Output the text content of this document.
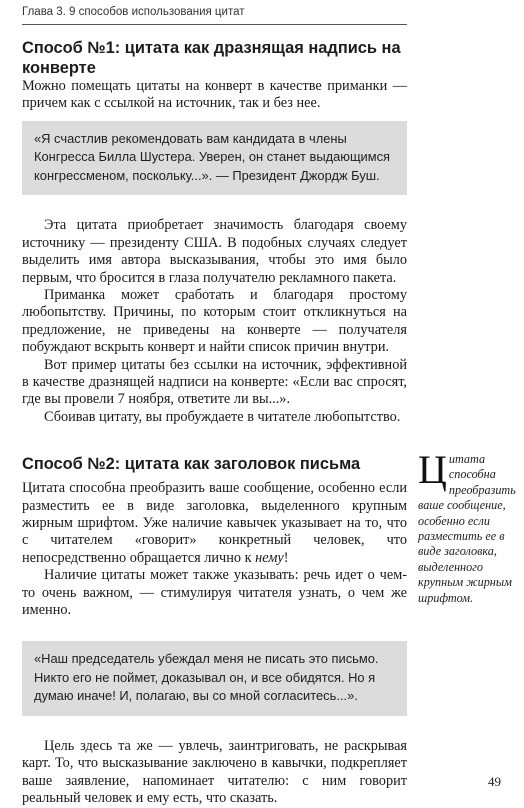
Глава 3. 9 способов использования цитат
Способ №1: цитата как дразнящая надпись на конверте

Можно помещать цитаты на конверт в качестве приманки — причем как с ссылкой на источник, так и без нее.

«Я счастлив рекомендовать вам кандидата в члены Конгресса Билла Шустера. Уверен, он станет выдающимся конгрессменом, поскольку...». — Президент Джордж Буш.

Эта цитата приобретает значимость благодаря своему источнику — президенту США. В подобных случаях следует выделить имя автора высказывания, чтобы это имя было первым, что бросится в глаза получателю рекламного пакета.

Приманка может сработать и благодаря простому любопытству. Причины, по которым стоит откликнуться на предложение, не приведены на конверте — получателя побуждают вскрыть конверт и найти список причин внутри.

Вот пример цитаты без ссылки на источник, эффективной в качестве дразнящей надписи на конверте: «Если вас спросят, где вы провели 7 ноября, ответите ли вы...».

Сбоивав цитату, вы пробуждаете в читателе любопытство.

Способ №2: цитата как заголовок письма

Цитата способна преобразить ваше сообщение, особенно если разместить ее в виде заголовка, выделенного крупным жирным шрифтом. Уже наличие кавычек указывает на то, что с читателем «говорит» конкретный человек, что непосредственно обращается лично к нему!

Наличие цитаты может также указывать: речь идет о чем-то очень важном, — стимулируя читателя узнать, о чем же именно.

«Наш председатель убеждал меня не писать это письмо. Никто его не поймет, доказывал он, и все обидятся. Но я думаю иначе! И, полагаю, вы со мной согласитесь...».

Цель здесь та же — увлечь, заинтриговать, не раскрывая карт. То, что высказывание заключено в кавычки, подкрепляет ваше заявление, напоминает читателю: с ним говорит реальный человек и ему есть, что сказать.

Цитата способна преобразить ваше сообщение, особенно если разместить ее в виде заголовка, выделенного крупным жирным шрифтом.
49
